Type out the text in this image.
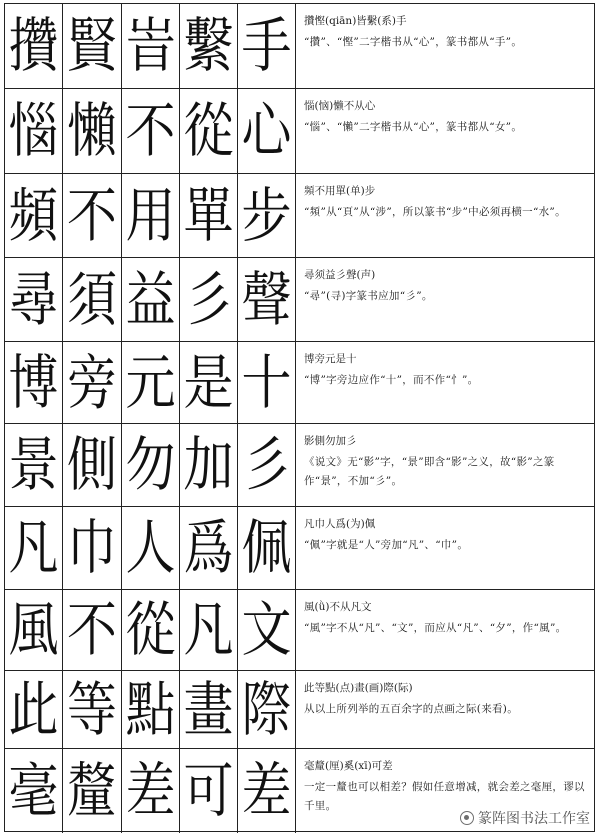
攢 賢 峕 繫 手 攢慳(qiān)皆繫(系)手

“攢”、“慳”二字楷书从“心”，篆书都从“手”。

惱 懶 不 從 心 惱(恼)懒不从心

“惱”、“懶”二字楷书从“心”，篆书都从“女”。

頻 不 用 單 步 頻不用單(单)步

“頻”从“頁”从“涉”，所以篆书“步”中必须再横一“水”。

尋 須 益 彡 聲 尋须益彡聲(声)

“尋”(寻)字篆书应加“彡”。

博 旁 元 是 十 博旁元是十

“博”字旁边应作“十”，而不作“忄”。

景 側 勿 加 彡 影側勿加彡

《说文》无“影”字，“景”即含“影”之义，故“影”之篆作“景”，不加“彡”。

凡 巾 人 爲 佩 凡巾人爲(为)佩

“佩”字就是“人”旁加“凡”、“巾”。

風 不 從 凡 文 風(ǜ)不从凡文

“風”字不从“凡”、“文”，而应从“凡”、“夕”，作“風”。

此 等 點 畫 際 此等點(点)畫(画)際(际)

从以上所列举的五百余字的点画之际(来看)。

毫 釐 差 可 差 毫釐(厘)奚(xī)可差

一定一釐也可以相差？假如任意增减，就会差之毫厘，谬以千里。

篆阵图书法工作室
